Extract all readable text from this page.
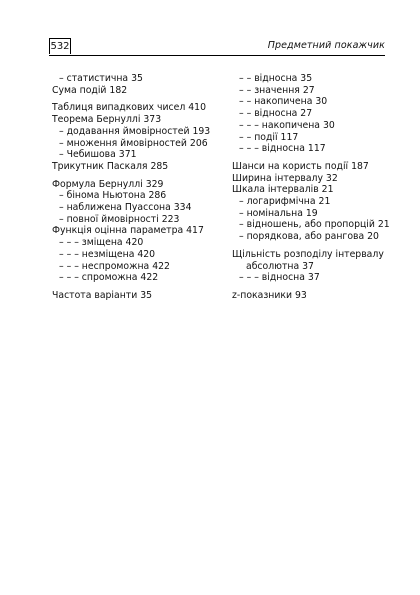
532	Предметний покажчик
– статистична 35
Сума подій 182
Таблиця випадкових чисел 410
Теорема Бернуллі 373
– додавання ймовірностей 193
– множення ймовірностей 206
– Чебишова 371
Трикутник Паскаля 285
Формула Бернуллі 329
– бінома Ньютона 286
– наближена Пуассона 334
– повної ймовірності 223
Функція оцінна параметра 417
– – – зміщена 420
– – – незміщена 420
– – – неспроможна 422
– – – спроможна 422
Частота варіанти 35
– – відносна 35
– – значення 27
– – накопичена 30
– – відносна 27
– – – накопичена 30
– – події 117
– – – відносна 117
Шанси на користь події 187
Ширина інтервалу 32
Шкала інтервалів 21
– логарифмічна 21
– номінальна 19
– відношень, або пропорцій 21
– порядкова, або рангова 20
Щільність розподілу інтервалу
абсолютна 37
– – – відносна 37
z-показники 93
